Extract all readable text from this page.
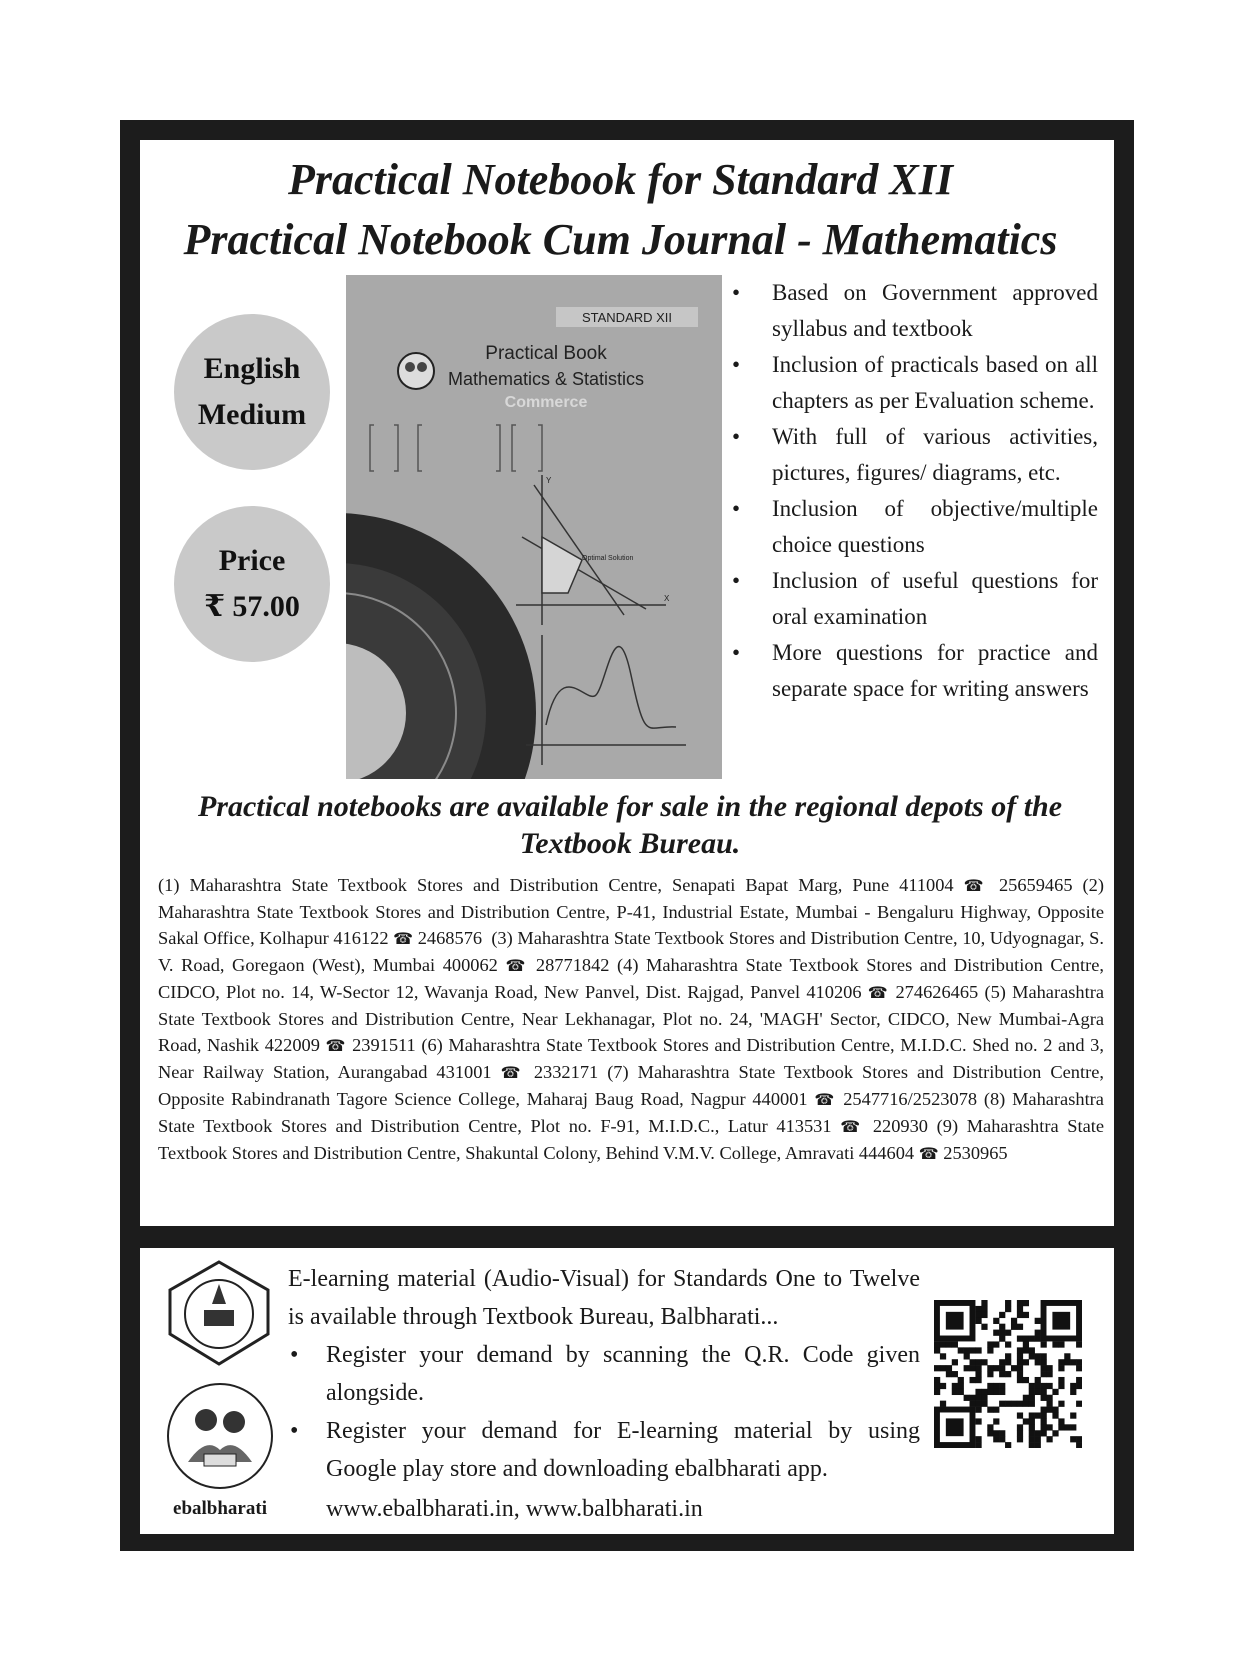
Practical Notebook for Standard XII
Practical Notebook Cum Journal - Mathematics
English
Medium
Price
₹ 57.00
STANDARD XII
Practical Book
Mathematics & Statistics
Commerce
Optimal Solution
Y
X
• Based on Government approved syllabus and textbook
• Inclusion of practicals based on all chapters as per Evaluation scheme.
• With full of various activities, pictures, figures/ diagrams, etc.
• Inclusion of objective/multiple choice questions
• Inclusion of useful questions for oral examination
• More questions for practice and separate space for writing answers
Practical notebooks are available for sale in the regional depots of the Textbook Bureau.

(1) Maharashtra State Textbook Stores and Distribution Centre, Senapati Bapat Marg, Pune 411004 ☎ 25659465 (2) Maharashtra State Textbook Stores and Distribution Centre, P-41, Industrial Estate, Mumbai - Bengaluru Highway, Opposite Sakal Office, Kolhapur 416122 ☎ 2468576 (3) Maharashtra State Textbook Stores and Distribution Centre, 10, Udyognagar, S. V. Road, Goregaon (West), Mumbai 400062 ☎ 28771842 (4) Maharashtra State Textbook Stores and Distribution Centre, CIDCO, Plot no. 14, W-Sector 12, Wavanja Road, New Panvel, Dist. Rajgad, Panvel 410206 ☎ 274626465 (5) Maharashtra State Textbook Stores and Distribution Centre, Near Lekhanagar, Plot no. 24, 'MAGH' Sector, CIDCO, New Mumbai-Agra Road, Nashik 422009 ☎ 2391511 (6) Maharashtra State Textbook Stores and Distribution Centre, M.I.D.C. Shed no. 2 and 3, Near Railway Station, Aurangabad 431001 ☎ 2332171 (7) Maharashtra State Textbook Stores and Distribution Centre, Opposite Rabindranath Tagore Science College, Maharaj Baug Road, Nagpur 440001 ☎ 2547716/2523078 (8) Maharashtra State Textbook Stores and Distribution Centre, Plot no. F-91, M.I.D.C., Latur 413531 ☎ 220930 (9) Maharashtra State Textbook Stores and Distribution Centre, Shakuntal Colony, Behind V.M.V. College, Amravati 444604 ☎ 2530965

ebalbharati

E-learning material (Audio-Visual) for Standards One to Twelve is available through Textbook Bureau, Balbharati...

• Register your demand by scanning the Q.R. Code given alongside.
• Register your demand for E-learning material by using Google play store and downloading ebalbharati app.

www.ebalbharati.in, www.balbharati.in
